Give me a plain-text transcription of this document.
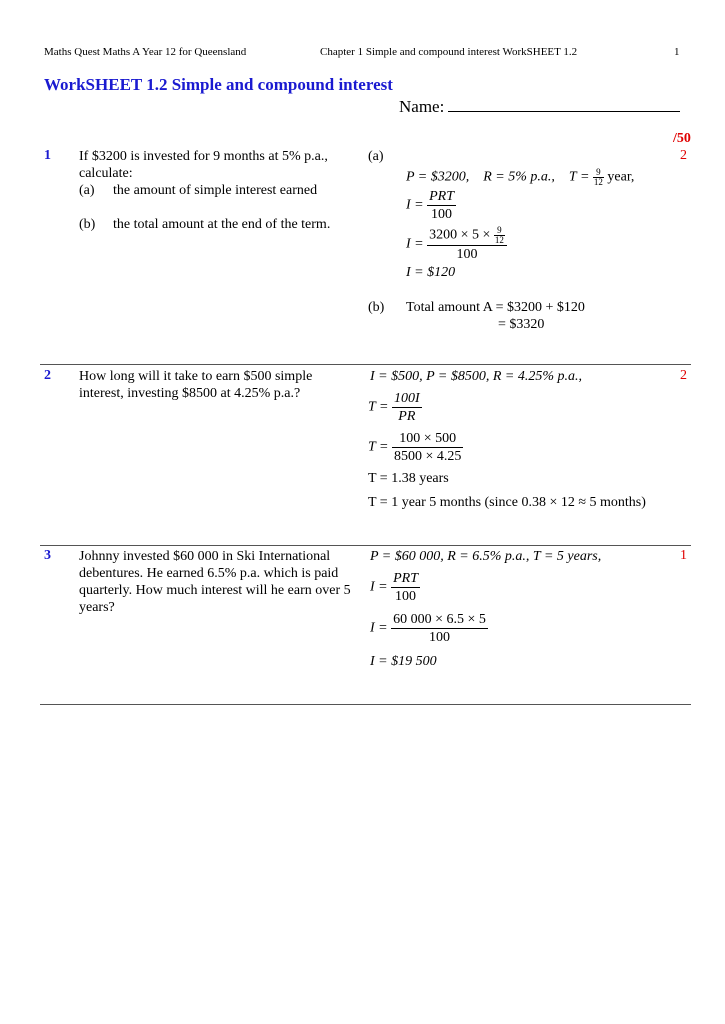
Maths Quest Maths A Year 12 for Queensland	Chapter 1 Simple and compound interest WorkSHEET 1.2	1
WorkSHEET 1.2 Simple and compound interest
Name:
/50
1 If $3200 is invested for 9 months at 5% p.a., calculate:
(a)	the amount of simple interest earned
(b)	the total amount at the end of the term.
2
(a)
P = $3200, R = 5% p.a., $T = \frac{9}{12}$ year,
$I = \frac{\text{PRT}}{100}$
$I = \frac{3200 \times 5 \times \frac{9}{12}}{100}$
I = $120
(b) Total amount A = $3200 + $120
= $3320
2 How long will it take to earn $500 simple interest, investing $8500 at 4.25% p.a.?
2
I = $500, P = $8500, R = 4.25% p.a.,
$T = \frac{100I}{PR}$
$T = \frac{100 \times 500}{8500 \times 4.25}$
T = 1.38 years
T = 1 year 5 months (since 0.38 × 12 ≈ 5 months)
3 Johnny invested $60 000 in Ski International debentures. He earned 6.5% p.a. which is paid quarterly. How much interest will he earn over 5 years?
1
P = $60 000, R = 6.5% p.a., T = 5 years,
$I = \frac{\text{PRT}}{100}$
$I = \frac{60 000 \times 6.5 \times 5}{100}$
I = $19 500
